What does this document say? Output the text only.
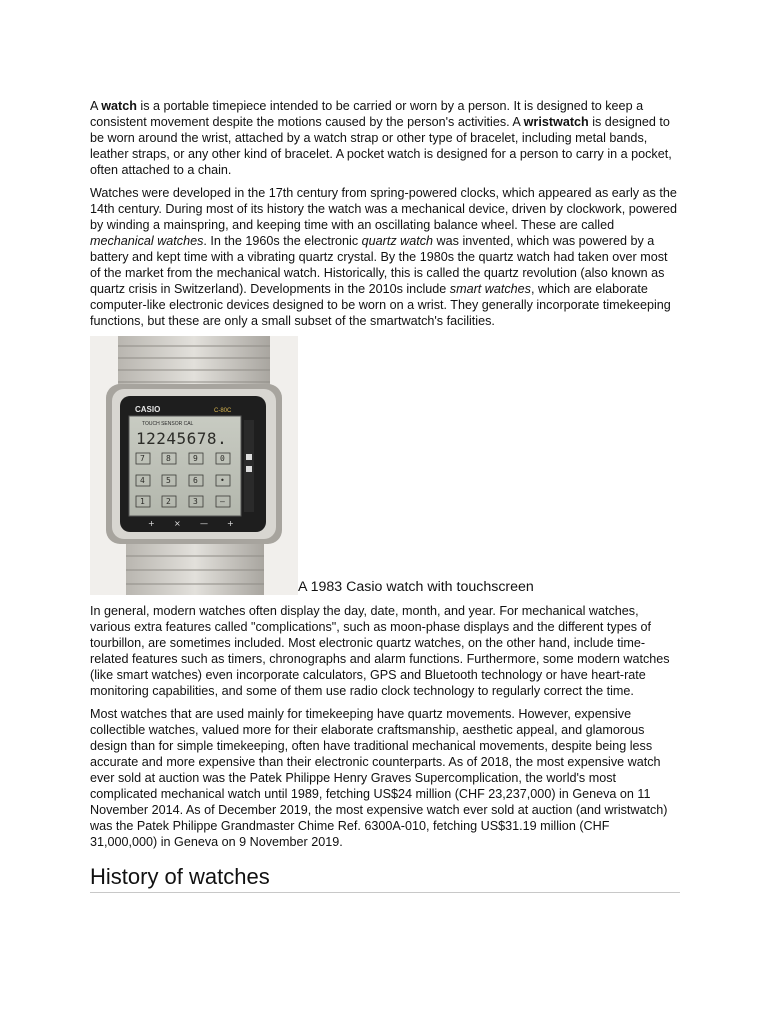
A watch is a portable timepiece intended to be carried or worn by a person. It is designed to keep a consistent movement despite the motions caused by the person's activities. A wristwatch is designed to be worn around the wrist, attached by a watch strap or other type of bracelet, including metal bands, leather straps, or any other kind of bracelet. A pocket watch is designed for a person to carry in a pocket, often attached to a chain.

Watches were developed in the 17th century from spring-powered clocks, which appeared as early as the 14th century. During most of its history the watch was a mechanical device, driven by clockwork, powered by winding a mainspring, and keeping time with an oscillating balance wheel. These are called mechanical watches. In the 1960s the electronic quartz watch was invented, which was powered by a battery and kept time with a vibrating quartz crystal. By the 1980s the quartz watch had taken over most of the market from the mechanical watch. Historically, this is called the quartz revolution (also known as quartz crisis in Switzerland). Developments in the 2010s include smart watches, which are elaborate computer-like electronic devices designed to be worn on a wrist. They generally incorporate timekeeping functions, but these are only a small subset of the smartwatch's facilities.

CASIO	C-80C
TOUCH SENSOR CAL
12245678.
7	8	9	0
4	5	6	•
1	2	3	—
+ × — +
A 1983 Casio watch with touchscreen

In general, modern watches often display the day, date, month, and year. For mechanical watches, various extra features called "complications", such as moon-phase displays and the different types of tourbillon, are sometimes included. Most electronic quartz watches, on the other hand, include time-related features such as timers, chronographs and alarm functions. Furthermore, some modern watches (like smart watches) even incorporate calculators, GPS and Bluetooth technology or have heart-rate monitoring capabilities, and some of them use radio clock technology to regularly correct the time.

Most watches that are used mainly for timekeeping have quartz movements. However, expensive collectible watches, valued more for their elaborate craftsmanship, aesthetic appeal, and glamorous design than for simple timekeeping, often have traditional mechanical movements, despite being less accurate and more expensive than their electronic counterparts. As of 2018, the most expensive watch ever sold at auction was the Patek Philippe Henry Graves Supercomplication, the world's most complicated mechanical watch until 1989, fetching US$24 million (CHF 23,237,000) in Geneva on 11 November 2014. As of December 2019, the most expensive watch ever sold at auction (and wristwatch) was the Patek Philippe Grandmaster Chime Ref. 6300A-010, fetching US$31.19 million (CHF 31,000,000) in Geneva on 9 November 2019.

History of watches
